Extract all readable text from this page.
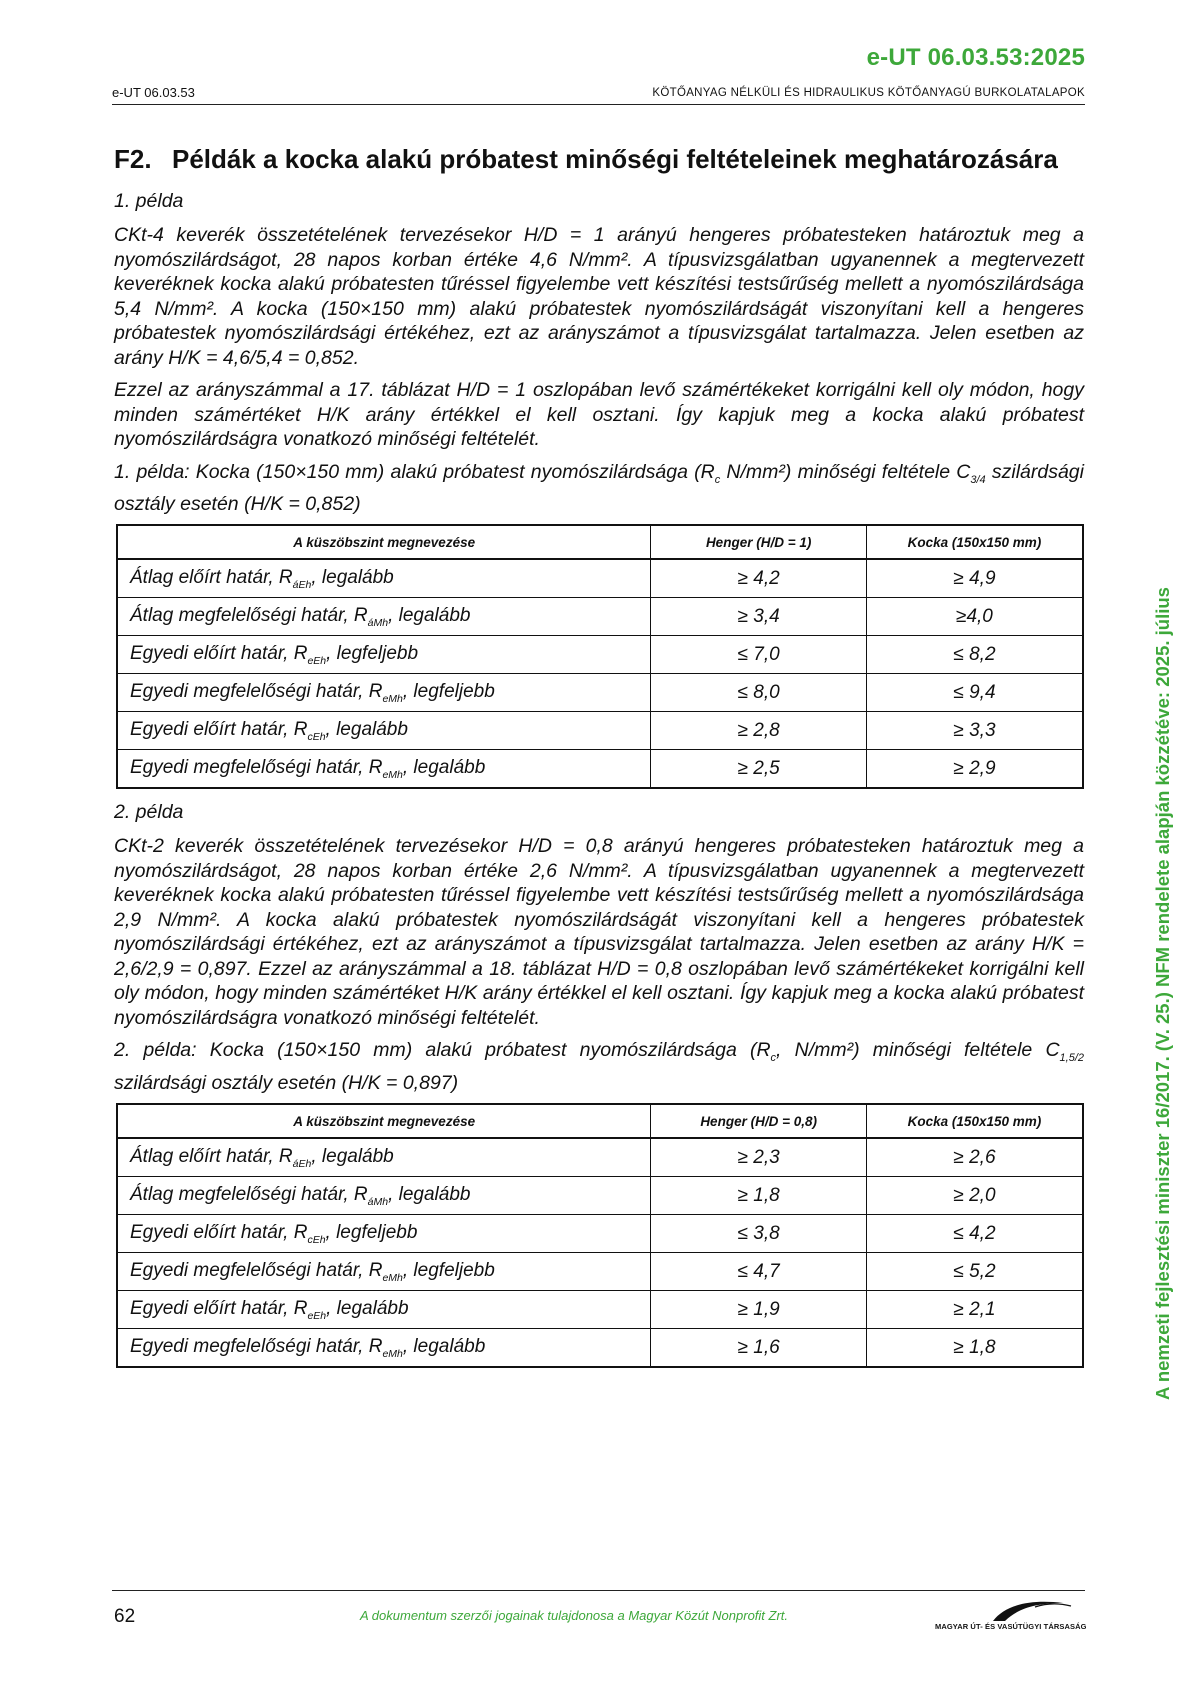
e-UT 06.03.53:2025
e-UT 06.03.53	KÖTŐANYAG NÉLKÜLI ÉS HIDRAULIKUS KÖTŐANYAGÚ BURKOLATALAPOK
A nemzeti fejlesztési miniszter 16/2017. (V. 25.) NFM rendelete alapján közzétéve: 2025. július
F2. Példák a kocka alakú próbatest minőségi feltételeinek meghatározására
1. példa

CKt-4 keverék összetételének tervezésekor H/D = 1 arányú hengeres próbatesteken határoztuk meg a nyomószilárdságot, 28 napos korban értéke 4,6 N/mm². A típusvizsgálatban ugyanennek a megtervezett keveréknek kocka alakú próbatesten tűréssel figyelembe vett készítési testsűrűség mellett a nyomószilárdsága 5,4 N/mm². A kocka (150×150 mm) alakú próbatestek nyomószilárdságát viszonyítani kell a hengeres próbatestek nyomószilárdsági értékéhez, ezt az arányszámot a típusvizsgálat tartalmazza. Jelen esetben az arány H/K = 4,6/5,4 = 0,852.

Ezzel az arányszámmal a 17. táblázat H/D = 1 oszlopában levő számértékeket korrigálni kell oly módon, hogy minden számértéket H/K arány értékkel el kell osztani. Így kapjuk meg a kocka alakú próbatest nyomószilárdságra vonatkozó minőségi feltételét.

1. példa: Kocka (150×150 mm) alakú próbatest nyomószilárdsága ($R_c$ N/mm²) minőségi feltétele $C_{3/4}$ szilárdsági osztály esetén (H/K = 0,852)

A küszöbszint megnevezése	Henger (H/D = 1)	Kocka (150x150 mm)
Átlag előírt határ, $R_{áEh}$, legalább	≥ 4,2	≥ 4,9
Átlag megfelelőségi határ, $R_{áMh}$, legalább	≥ 3,4	≥4,0
Egyedi előírt határ, $R_{eEh}$, legfeljebb	≤ 7,0	≤ 8,2
Egyedi megfelelőségi határ, $R_{eMh}$, legfeljebb	≤ 8,0	≤ 9,4
Egyedi előírt határ, $R_{cEh}$, legalább	≥ 2,8	≥ 3,3
Egyedi megfelelőségi határ, $R_{eMh}$, legalább	≥ 2,5	≥ 2,9
2. példa

CKt-2 keverék összetételének tervezésekor H/D = 0,8 arányú hengeres próbatesteken határoztuk meg a nyomószilárdságot, 28 napos korban értéke 2,6 N/mm². A típusvizsgálatban ugyanennek a megtervezett keveréknek kocka alakú próbatesten tűréssel figyelembe vett készítési testsűrűség mellett a nyomószilárdsága 2,9 N/mm². A kocka alakú próbatestek nyomószilárdságát viszonyítani kell a hengeres próbatestek nyomószilárdsági értékéhez, ezt az arányszámot a típusvizsgálat tartalmazza. Jelen esetben az arány H/K = 2,6/2,9 = 0,897. Ezzel az arányszámmal a 18. táblázat H/D = 0,8 oszlopában levő számértékeket korrigálni kell oly módon, hogy minden számértéket H/K arány értékkel el kell osztani. Így kapjuk meg a kocka alakú próbatest nyomószilárdságra vonatkozó minőségi feltételét.

2. példa: Kocka (150×150 mm) alakú próbatest nyomószilárdsága ($R_c$, N/mm²) minőségi feltétele $C_{1,5/2}$ szilárdsági osztály esetén (H/K = 0,897)

A küszöbszint megnevezése	Henger (H/D = 0,8)	Kocka (150x150 mm)
Átlag előírt határ, $R_{áEh}$, legalább	≥ 2,3	≥ 2,6
Átlag megfelelőségi határ, $R_{áMh}$, legalább	≥ 1,8	≥ 2,0
Egyedi előírt határ, $R_{cEh}$, legfeljebb	≤ 3,8	≤ 4,2
Egyedi megfelelőségi határ, $R_{eMh}$, legfeljebb	≤ 4,7	≤ 5,2
Egyedi előírt határ, $R_{eEh}$, legalább	≥ 1,9	≥ 2,1
Egyedi megfelelőségi határ, $R_{eMh}$, legalább	≥ 1,6	≥ 1,8
62	A dokumentum szerzői jogainak tulajdonosa a Magyar Közút Nonprofit Zrt.
MAGYAR ÚT- ÉS VASÚTÜGYI TÁRSASÁG
